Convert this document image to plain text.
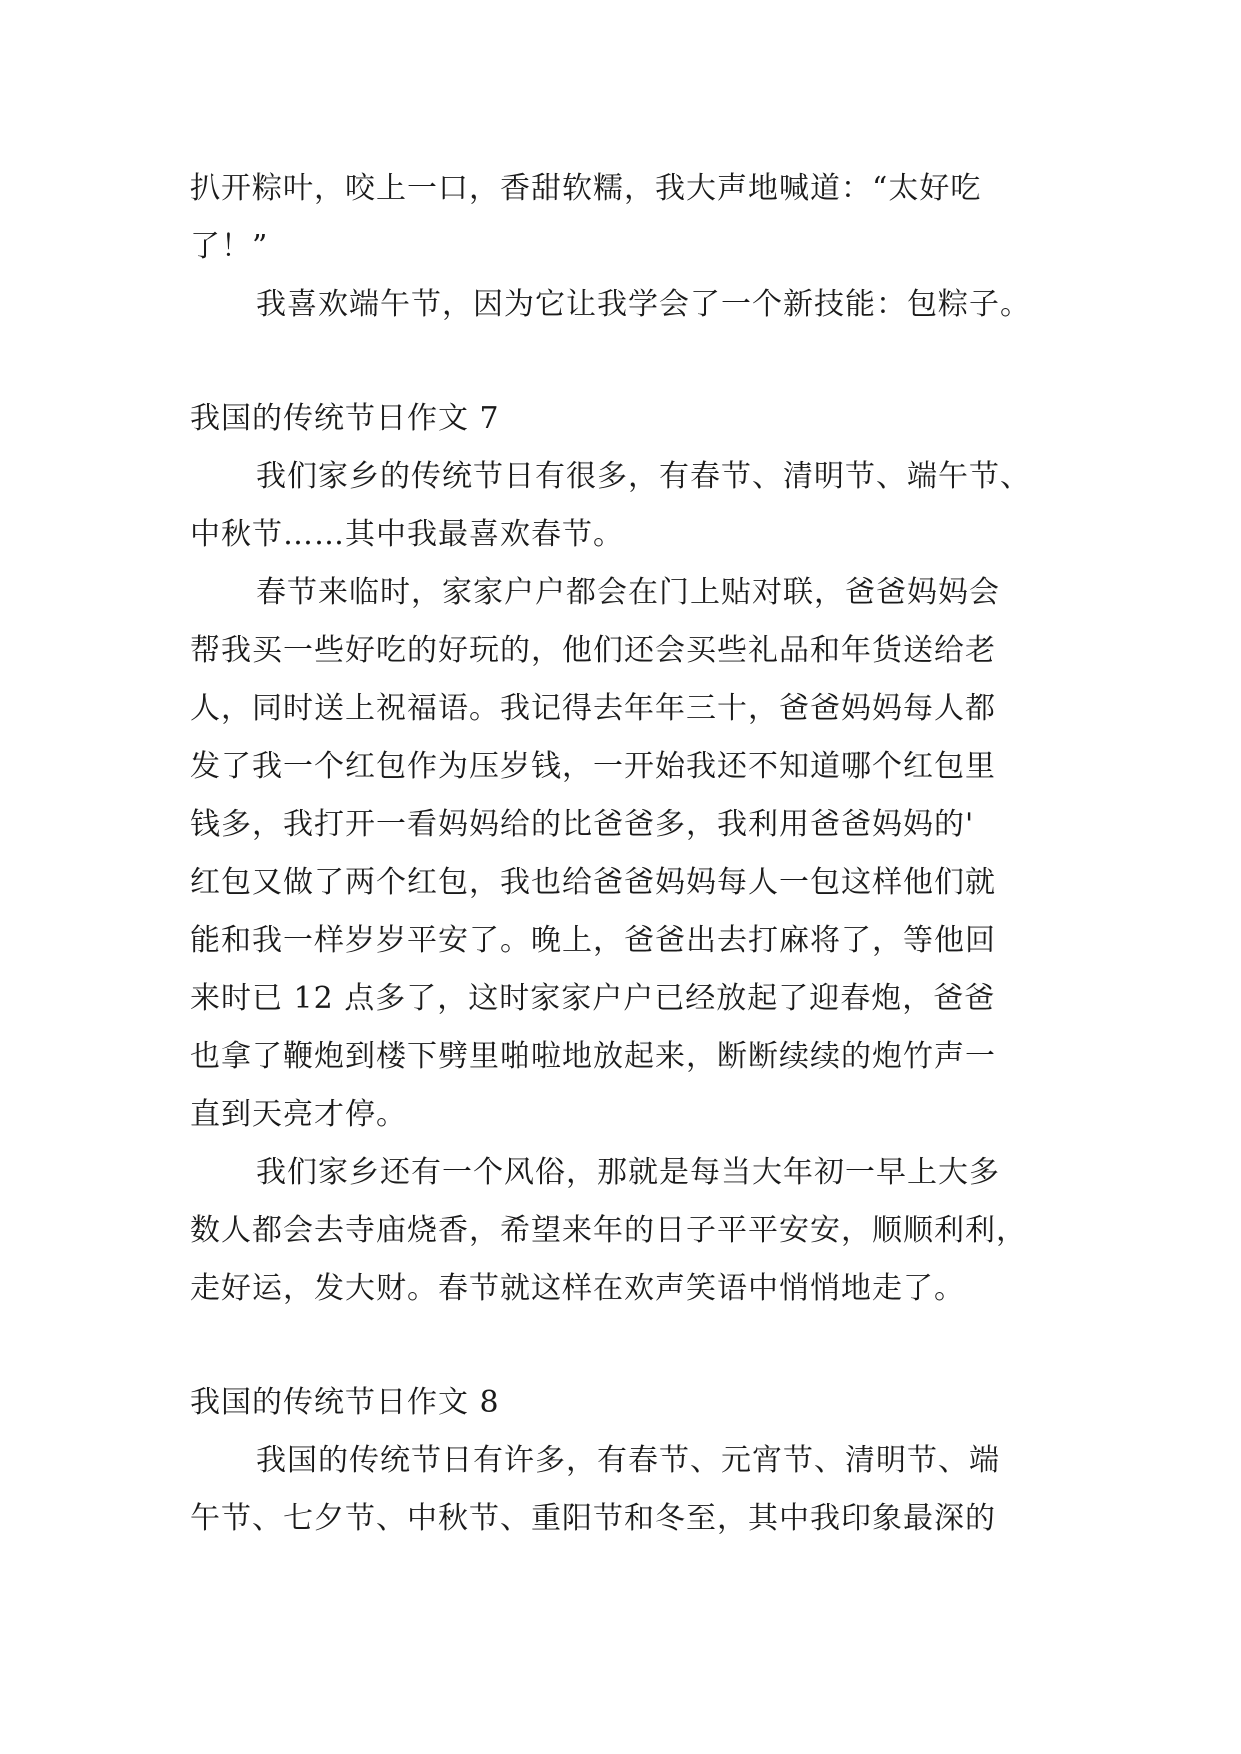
扒开粽叶，咬上一口，香甜软糯，我大声地喊道：“太好吃
了！”
我喜欢端午节，因为它让我学会了一个新技能：包粽子。
我国的传统节日作文 7
我们家乡的传统节日有很多，有春节、清明节、端午节、
中秋节……其中我最喜欢春节。
春节来临时，家家户户都会在门上贴对联，爸爸妈妈会
帮我买一些好吃的好玩的，他们还会买些礼品和年货送给老
人，同时送上祝福语。我记得去年年三十，爸爸妈妈每人都
发了我一个红包作为压岁钱，一开始我还不知道哪个红包里
钱多，我打开一看妈妈给的比爸爸多，我利用爸爸妈妈的'
红包又做了两个红包，我也给爸爸妈妈每人一包这样他们就
能和我一样岁岁平安了。晚上，爸爸出去打麻将了，等他回
来时已 12 点多了，这时家家户户已经放起了迎春炮，爸爸
也拿了鞭炮到楼下劈里啪啦地放起来，断断续续的炮竹声一
直到天亮才停。
我们家乡还有一个风俗，那就是每当大年初一早上大多
数人都会去寺庙烧香，希望来年的日子平平安安，顺顺利利，
走好运，发大财。春节就这样在欢声笑语中悄悄地走了。
我国的传统节日作文 8
我国的传统节日有许多，有春节、元宵节、清明节、端
午节、七夕节、中秋节、重阳节和冬至，其中我印象最深的
